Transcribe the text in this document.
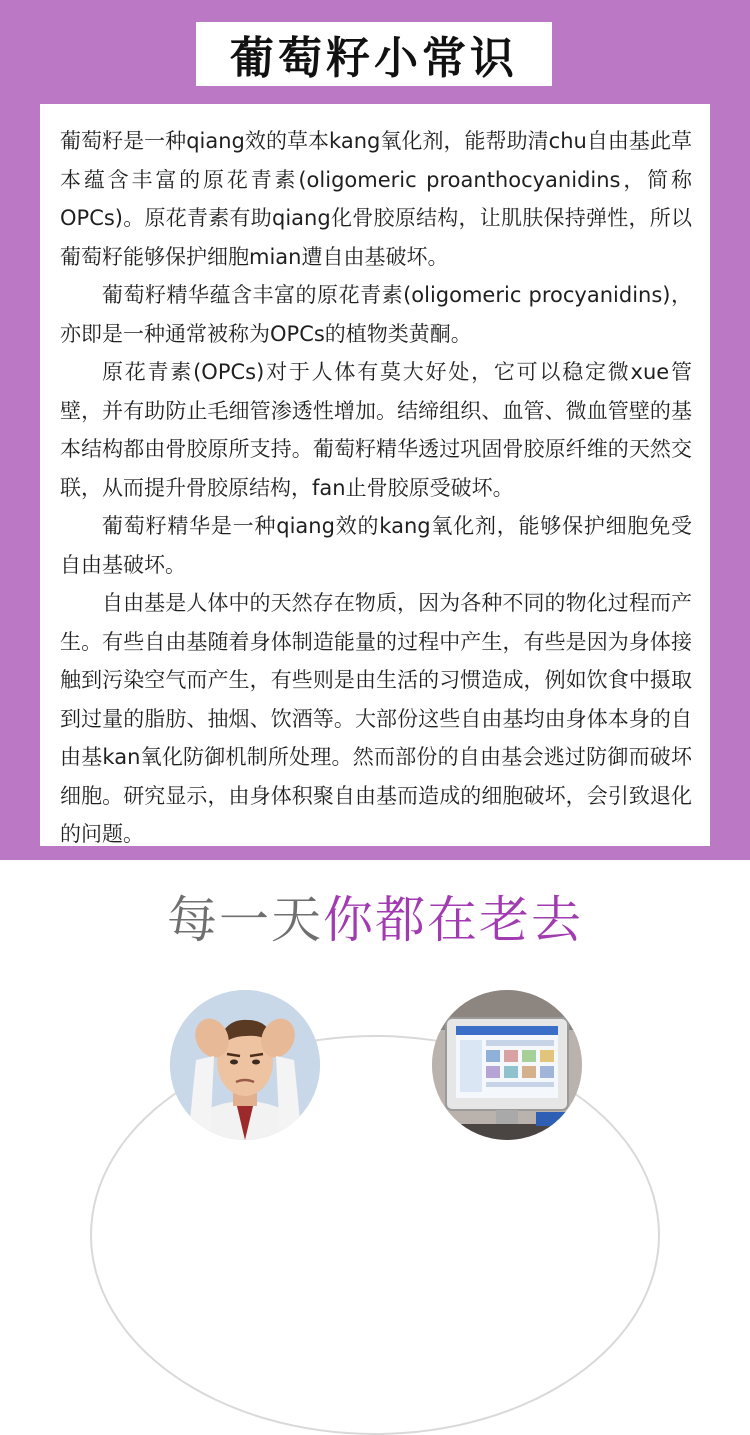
葡萄籽小常识

葡萄籽是一种qiang效的草本kang氧化剂，能帮助清chu自由基此草本蕴含丰富的原花青素(oligomeric proanthocyanidins，简称OPCs)。原花青素有助qiang化骨胶原结构，让肌肤保持弹性，所以葡萄籽能够保护细胞mian遭自由基破坏。

葡萄籽精华蕴含丰富的原花青素(oligomeric procyanidins)，亦即是一种通常被称为OPCs的植物类黄酮。

原花青素(OPCs)对于人体有莫大好处，它可以稳定微xue管壁，并有助防止毛细管渗透性增加。结缔组织、血管、微血管壁的基本结构都由骨胶原所支持。葡萄籽精华透过巩固骨胶原纤维的天然交联，从而提升骨胶原结构，fan止骨胶原受破坏。

葡萄籽精华是一种qiang效的kang氧化剂，能够保护细胞免受自由基破坏。

自由基是人体中的天然存在物质，因为各种不同的物化过程而产生。有些自由基随着身体制造能量的过程中产生，有些是因为身体接触到污染空气而产生，有些则是由生活的习惯造成，例如饮食中摄取到过量的脂肪、抽烟、饮酒等。大部份这些自由基均由身体本身的自由基kan氧化防御机制所处理。然而部份的自由基会逃过防御而破坏细胞。研究显示，由身体积聚自由基而造成的细胞破坏，会引致退化的问题。

每一天你都在老去
